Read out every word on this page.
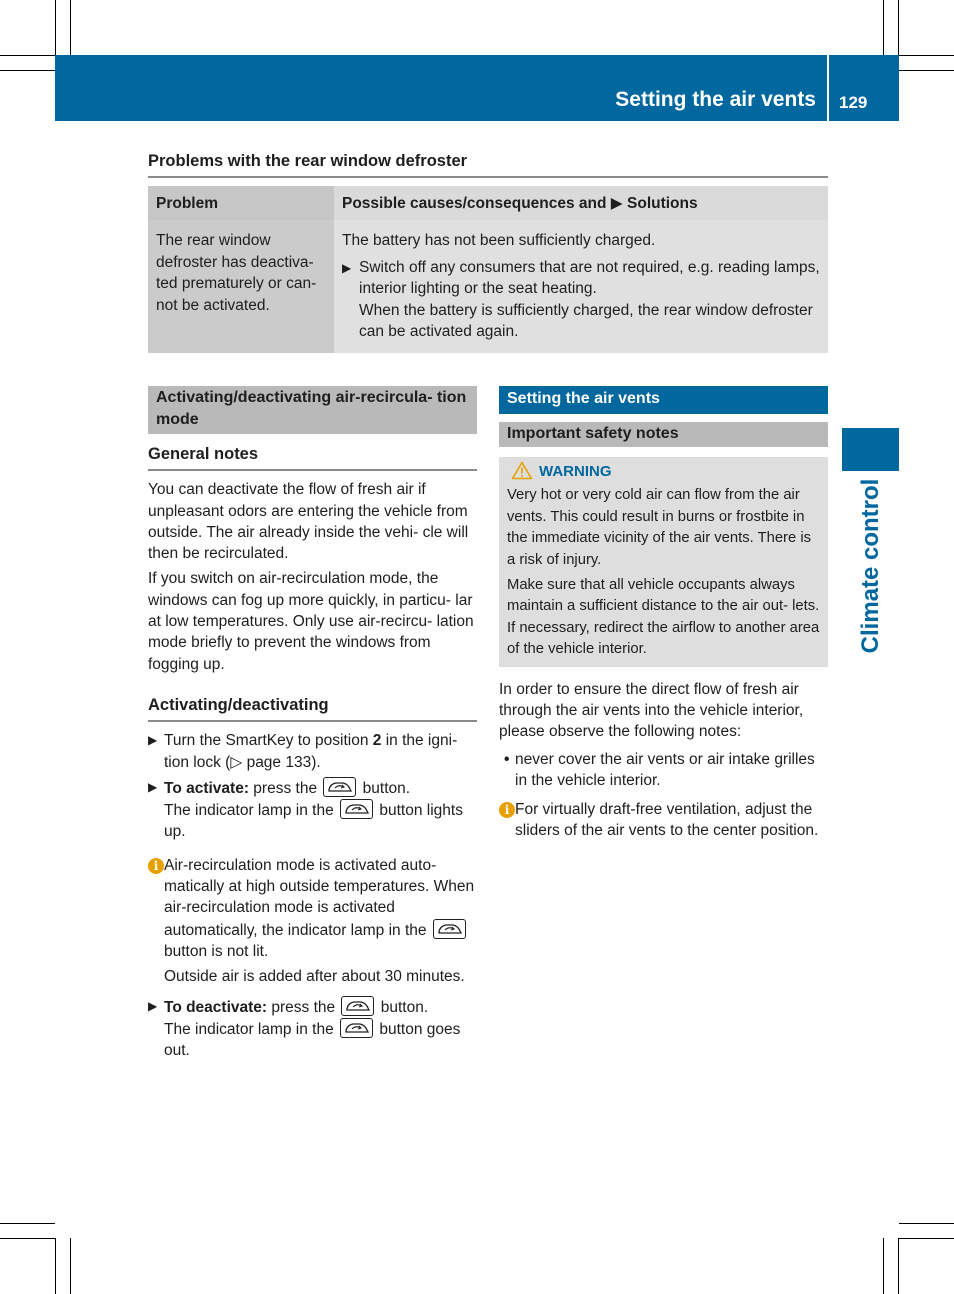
Setting the air vents 129
Climate control
Problems with the rear window defroster
Problem	Possible causes/consequences and ▶ Solutions
The rear window defroster has deactiva- ted prematurely or can- not be activated.	The battery has not been sufficiently charged.
▶ Switch off any consumers that are not required, e.g. reading lamps, interior lighting or the seat heating.
When the battery is sufficiently charged, the rear window defroster can be activated again.
Activating/deactivating air-recircula- tion mode
General notes

You can deactivate the flow of fresh air if unpleasant odors are entering the vehicle from outside. The air already inside the vehi- cle will then be recirculated.

If you switch on air-recirculation mode, the windows can fog up more quickly, in particu- lar at low temperatures. Only use air-recircu- lation mode briefly to prevent the windows from fogging up.

Activating/deactivating
▶ Turn the SmartKey to position 2 in the igni- tion lock (▷ page 133).
▶ To activate: press the
button.
The indicator lamp in the
button lights up.
i Air-recirculation mode is activated auto- matically at high outside temperatures. When air-recirculation mode is activated automatically, the indicator lamp in the
button is not lit.

Outside air is added after about 30 minutes.

▶ To deactivate: press the
button.
The indicator lamp in the
button goes out.
Setting the air vents
Important safety notes
WARNING

Very hot or very cold air can flow from the air vents. This could result in burns or frostbite in the immediate vicinity of the air vents. There is a risk of injury.

Make sure that all vehicle occupants always maintain a sufficient distance to the air out- lets. If necessary, redirect the airflow to another area of the vehicle interior.

In order to ensure the direct flow of fresh air through the air vents into the vehicle interior, please observe the following notes:

• never cover the air vents or air intake grilles in the vehicle interior.
i For virtually draft-free ventilation, adjust the sliders of the air vents to the center position.
